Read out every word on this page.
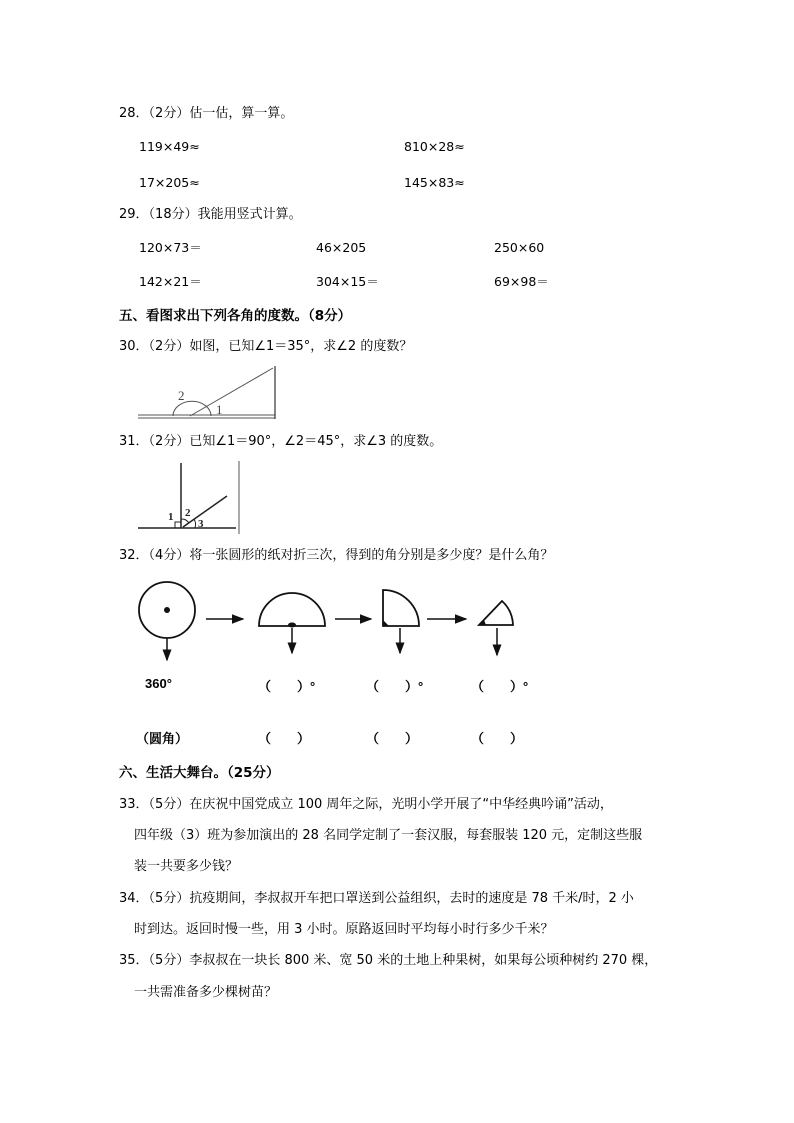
28．（2分）估一估，算一算。
119×49≈	810×28≈
17×205≈	145×83≈
29．（18分）我能用竖式计算。
120×73＝	46×205	250×60
142×21＝	304×15＝	69×98＝
五、看图求出下列各角的度数。（8分）
30．（2分）如图，已知∠1＝35°，求∠2 的度数？
2
1
31．（2分）已知∠1＝90°，∠2＝45°，求∠3 的度数。
1 2
3
32．（4分）将一张圆形的纸对折三次，得到的角分别是多少度？是什么角？
360°	（　　）°	（　　）°	（　　）°
（圆角）	（　　）	（　　）	（　　）
六、生活大舞台。（25分）
33．（5分）在庆祝中国党成立 100 周年之际，光明小学开展了“中华经典吟诵”活动，
四年级（3）班为参加演出的 28 名同学定制了一套汉服，每套服装 120 元，定制这些服
装一共要多少钱？
34．（5分）抗疫期间，李叔叔开车把口罩送到公益组织，去时的速度是 78 千米/时，2 小
时到达。返回时慢一些，用 3 小时。原路返回时平均每小时行多少千米？
35．（5分）李叔叔在一块长 800 米、宽 50 米的土地上种果树，如果每公顷种树约 270 棵，
一共需准备多少棵树苗？
